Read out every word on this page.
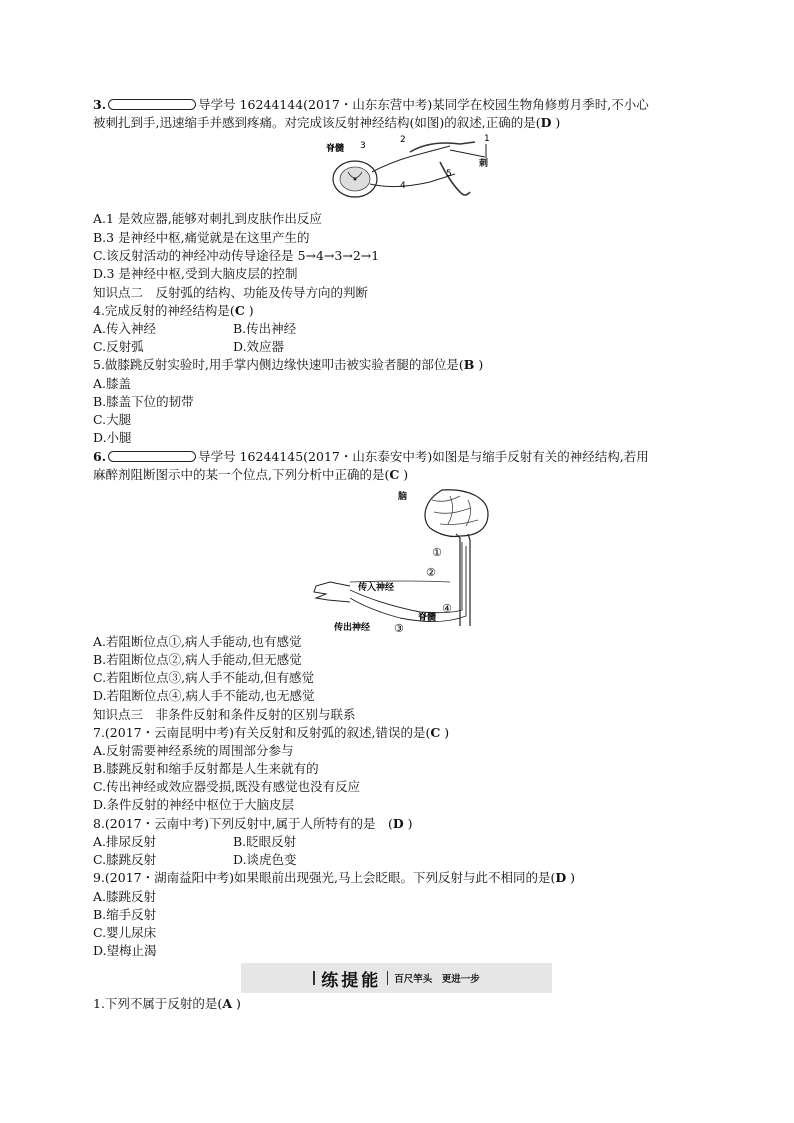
3.	导学号 16244144(2017・山东东营中考)某同学在校园生物角修剪月季时,不小心
被刺扎到手,迅速缩手并感到疼痛。对完成该反射神经结构(如图)的叙述,正确的是(D )
脊髓 3
2
4
5
1
刺
A.1 是效应器,能够对刺扎到皮肤作出反应
B.3 是神经中枢,痛觉就是在这里产生的
C.该反射活动的神经冲动传导途径是 5→4→3→2→1
D.3 是神经中枢,受到大脑皮层的控制
知识点二　反射弧的结构、功能及传导方向的判断
4.完成反射的神经结构是(C )
A.传入神经	B.传出神经
C.反射弧	D.效应器
5.做膝跳反射实验时,用手掌内侧边缘快速叩击被实验者腿的部位是(B )
A.膝盖
B.膝盖下位的韧带
C.大腿
D.小腿
6.	导学号 16244145(2017・山东泰安中考)如图是与缩手反射有关的神经结构,若用
麻醉剂阻断图示中的某一个位点,下列分析中正确的是(C )
脑
①
②
③
④
传入神经
传出神经
脊髓
A.若阻断位点①,病人手能动,也有感觉
B.若阻断位点②,病人手能动,但无感觉
C.若阻断位点③,病人手不能动,但有感觉
D.若阻断位点④,病人手不能动,也无感觉
知识点三　非条件反射和条件反射的区别与联系
7.(2017・云南昆明中考)有关反射和反射弧的叙述,错误的是(C )
A.反射需要神经系统的周围部分参与
B.膝跳反射和缩手反射都是人生来就有的
C.传出神经或效应器受损,既没有感觉也没有反应
D.条件反射的神经中枢位于大脑皮层
8.(2017・云南中考)下列反射中,属于人所特有的是　(D )
A.排尿反射	B.眨眼反射
C.膝跳反射	D.谈虎色变
9.(2017・湖南益阳中考)如果眼前出现强光,马上会眨眼。下列反射与此不相同的是(D )
A.膝跳反射
B.缩手反射
C.婴儿尿床
D.望梅止渴
练提能 百尺竿头　更进一步
1.下列不属于反射的是(A )
